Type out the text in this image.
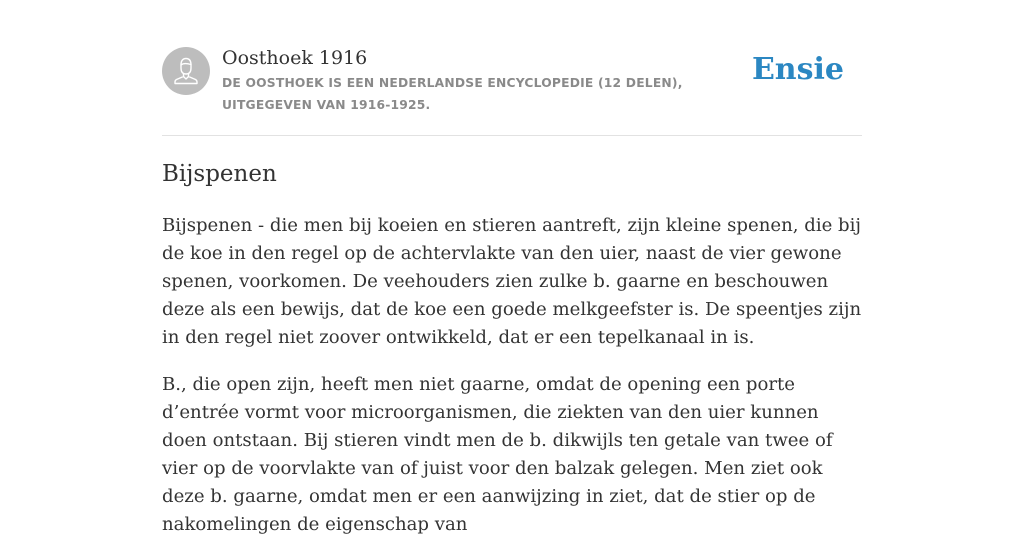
Oosthoek 1916
DE OOSTHOEK IS EEN NEDERLANDSE ENCYCLOPEDIE (12 DELEN), UITGEGEVEN VAN 1916-1925.
Ensie
Bijspenen

Bijspenen - die men bij koeien en stieren aantreft, zijn kleine spenen, die bij de koe in den regel op de achtervlakte van den uier, naast de vier gewone spenen, voorkomen. De veehouders zien zulke b. gaarne en beschouwen deze als een bewijs, dat de koe een goede melkgeefster is. De speentjes zijn in den regel niet zoover ontwikkeld, dat er een tepelkanaal in is.

B., die open zijn, heeft men niet gaarne, omdat de opening een porte d’entrée vormt voor microorganismen, die ziekten van den uier kunnen doen ontstaan. Bij stieren vindt men de b. dikwijls ten getale van twee of vier op de voorvlakte van of juist voor den balzak gelegen. Men ziet ook deze b. gaarne, omdat men er een aanwijzing in ziet, dat de stier op de nakomelingen de eigenschap van
